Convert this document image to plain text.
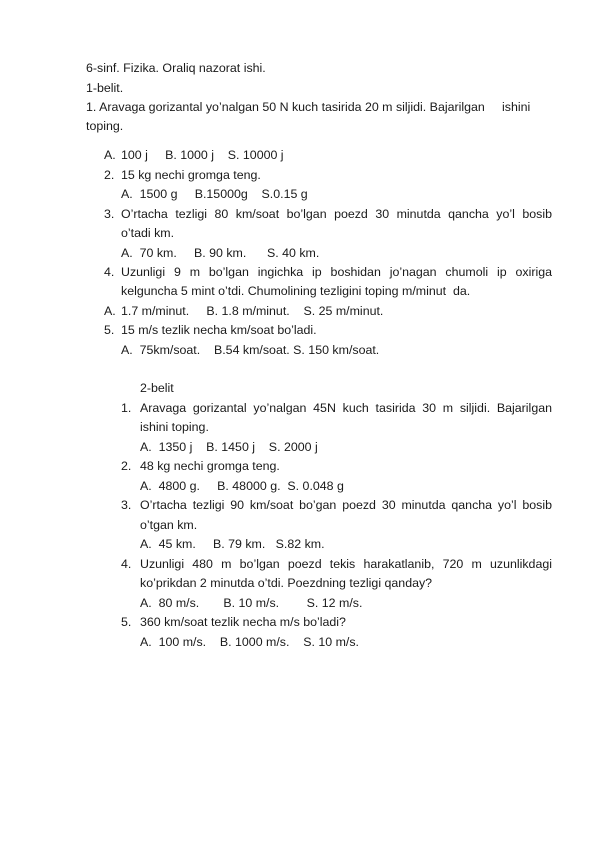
6-sinf. Fizika. Oraliq nazorat ishi.
1-belit.
1. Aravaga gorizantal yo’nalgan 50 N kuch tasirida 20 m siljidi. Bajarilgan     ishini
toping.
A. 100 j     B. 1000 j    S. 10000 j
2. 15 kg nechi gromga teng.
A.  1500 g     B.15000g    S.0.15 g
3. O’rtacha tezligi 80 km/soat bo’lgan poezd 30 minutda qancha yo’l bosib
o’tadi km.
A.  70 km.     B. 90 km.      S. 40 km.
4. Uzunligi 9 m bo’lgan ingichka ip boshidan jo’nagan chumoli ip oxiriga
kelguncha 5 mint o’tdi. Chumolining tezligini toping m/minut  da.
A. 1.7 m/minut.     B. 1.8 m/minut.    S. 25 m/minut.
5. 15 m/s tezlik necha km/soat bo’ladi.
A.  75km/soat.    B.54 km/soat. S. 150 km/soat.
2-belit
1. Aravaga gorizantal yo’nalgan 45N kuch tasirida 30 m siljidi. Bajarilgan
ishini toping.
A.  1350 j    B. 1450 j    S. 2000 j
2. 48 kg nechi gromga teng.
A.  4800 g.     B. 48000 g.  S. 0.048 g
3. O’rtacha tezligi 90 km/soat bo’gan poezd 30 minutda qancha yo’l bosib
o’tgan km.
A.  45 km.     B. 79 km.   S.82 km.
4. Uzunligi 480 m bo’lgan poezd tekis harakatlanib, 720 m uzunlikdagi
ko’prikdan 2 minutda o’tdi. Poezdning tezligi qanday?
A.  80 m/s.       B. 10 m/s.        S. 12 m/s.
5. 360 km/soat tezlik necha m/s bo’ladi?
A.  100 m/s.    B. 1000 m/s.    S. 10 m/s.
